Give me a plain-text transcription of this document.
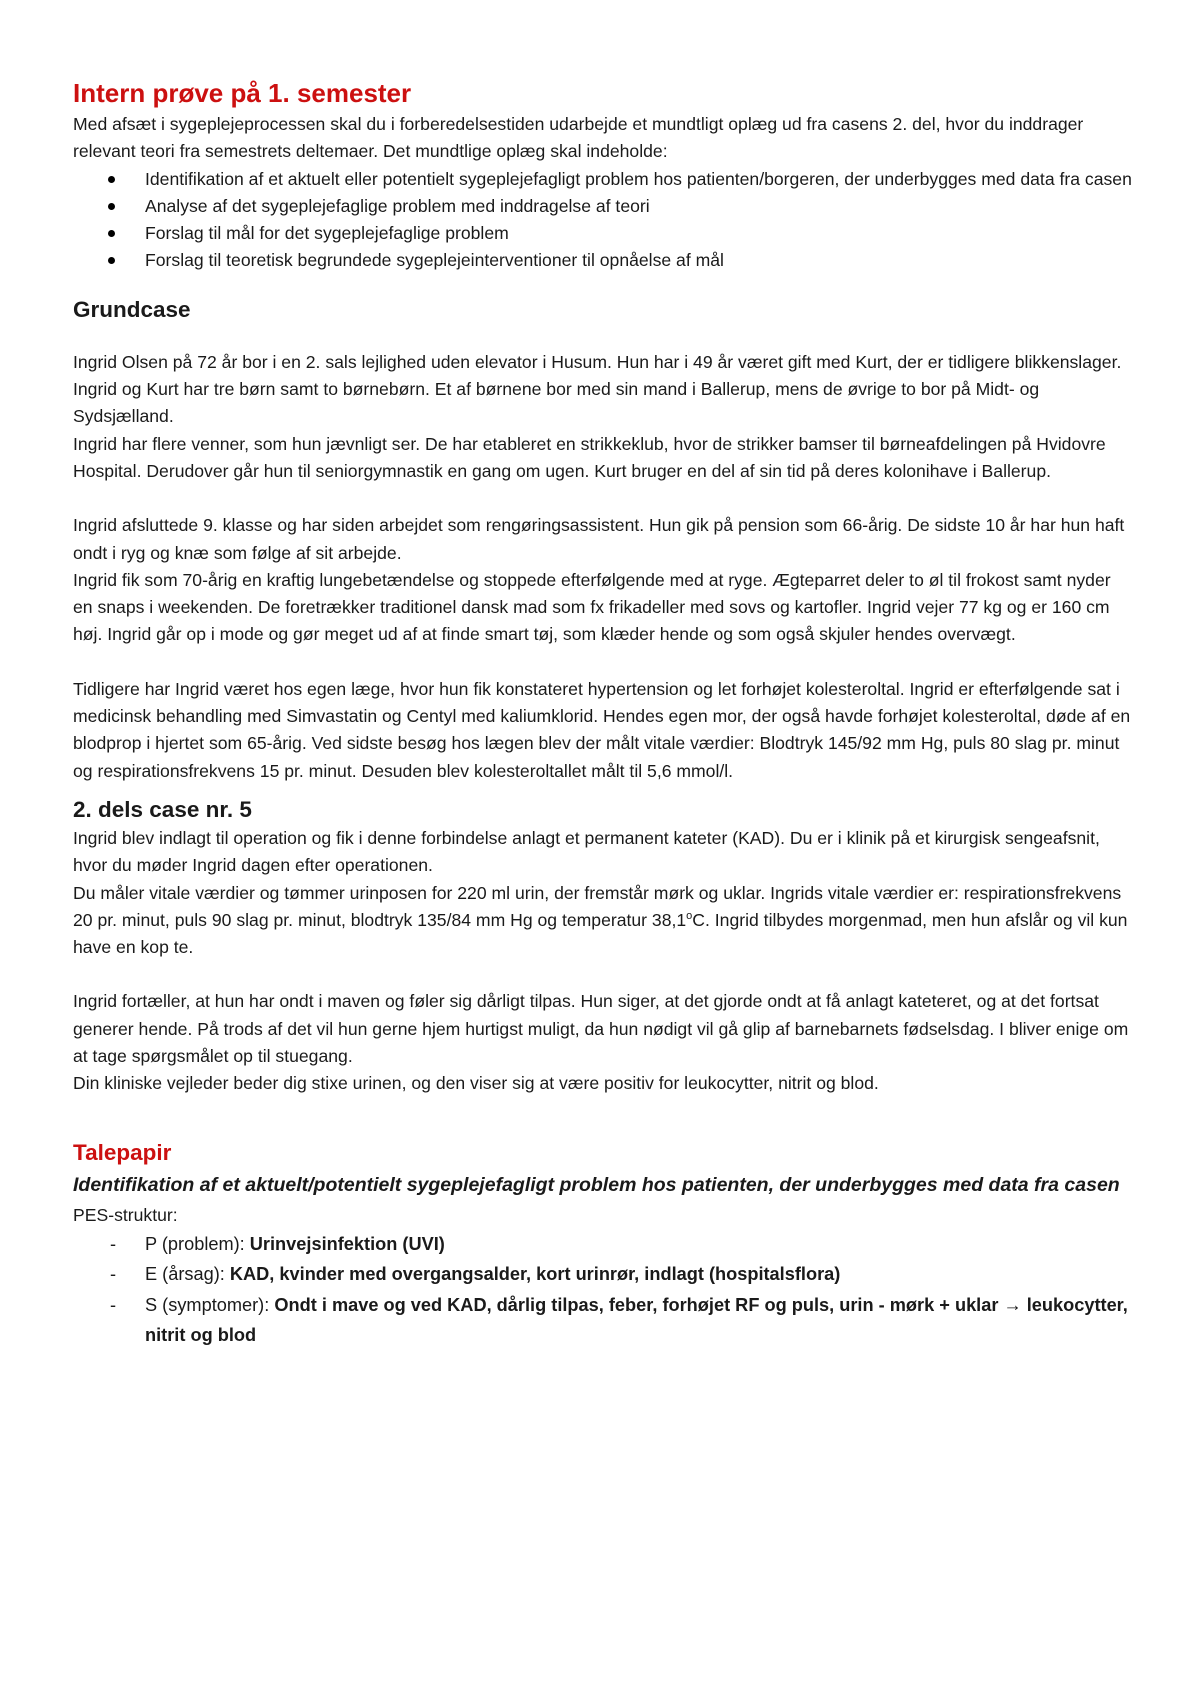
Intern prøve på 1. semester

Med afsæt i sygeplejeprocessen skal du i forberedelsestiden udarbejde et mundtligt oplæg ud fra casens 2. del, hvor du inddrager relevant teori fra semestrets deltemaer. Det mundtlige oplæg skal indeholde:

Identifikation af et aktuelt eller potentielt sygeplejefagligt problem hos patienten/borgeren, der underbygges med data fra casen
Analyse af det sygeplejefaglige problem med inddragelse af teori
Forslag til mål for det sygeplejefaglige problem
Forslag til teoretisk begrundede sygeplejeinterventioner til opnåelse af mål
Grundcase

Ingrid Olsen på 72 år bor i en 2. sals lejlighed uden elevator i Husum. Hun har i 49 år været gift med Kurt, der er tidligere blikkenslager. Ingrid og Kurt har tre børn samt to børnebørn. Et af børnene bor med sin mand i Ballerup, mens de øvrige to bor på Midt- og Sydsjælland.

Ingrid har flere venner, som hun jævnligt ser. De har etableret en strikkeklub, hvor de strikker bamser til børneafdelingen på Hvidovre Hospital. Derudover går hun til seniorgymnastik en gang om ugen. Kurt bruger en del af sin tid på deres kolonihave i Ballerup.

Ingrid afsluttede 9. klasse og har siden arbejdet som rengøringsassistent. Hun gik på pension som 66-årig. De sidste 10 år har hun haft ondt i ryg og knæ som følge af sit arbejde.

Ingrid fik som 70-årig en kraftig lungebetændelse og stoppede efterfølgende med at ryge. Ægteparret deler to øl til frokost samt nyder en snaps i weekenden. De foretrækker traditionel dansk mad som fx frikadeller med sovs og kartofler. Ingrid vejer 77 kg og er 160 cm høj. Ingrid går op i mode og gør meget ud af at finde smart tøj, som klæder hende og som også skjuler hendes overvægt.

Tidligere har Ingrid været hos egen læge, hvor hun fik konstateret hypertension og let forhøjet kolesteroltal. Ingrid er efterfølgende sat i medicinsk behandling med Simvastatin og Centyl med kaliumklorid. Hendes egen mor, der også havde forhøjet kolesteroltal, døde af en blodprop i hjertet som 65-årig. Ved sidste besøg hos lægen blev der målt vitale værdier: Blodtryk 145/92 mm Hg, puls 80 slag pr. minut og respirationsfrekvens 15 pr. minut. Desuden blev kolesteroltallet målt til 5,6 mmol/l.

2. dels case nr. 5

Ingrid blev indlagt til operation og fik i denne forbindelse anlagt et permanent kateter (KAD). Du er i klinik på et kirurgisk sengeafsnit, hvor du møder Ingrid dagen efter operationen.

Du måler vitale værdier og tømmer urinposen for 220 ml urin, der fremstår mørk og uklar. Ingrids vitale værdier er: respirationsfrekvens 20 pr. minut, puls 90 slag pr. minut, blodtryk 135/84 mm Hg og temperatur 38,1$^o$C. Ingrid tilbydes morgenmad, men hun afslår og vil kun have en kop te.

Ingrid fortæller, at hun har ondt i maven og føler sig dårligt tilpas. Hun siger, at det gjorde ondt at få anlagt kateteret, og at det fortsat generer hende. På trods af det vil hun gerne hjem hurtigst muligt, da hun nødigt vil gå glip af barnebarnets fødselsdag. I bliver enige om at tage spørgsmålet op til stuegang.

Din kliniske vejleder beder dig stixe urinen, og den viser sig at være positiv for leukocytter, nitrit og blod.

Talepapir
Identifikation af et aktuelt/potentielt sygeplejefagligt problem hos patienten, der underbygges med data fra casen

PES-struktur:

- P (problem): Urinvejsinfektion (UVI)
- E (årsag): KAD, kvinder med overgangsalder, kort urinrør, indlagt (hospitalsflora)
- S (symptomer): Ondt i mave og ved KAD, dårlig tilpas, feber, forhøjet RF og puls, urin - mørk + uklar → leukocytter, nitrit og blod
